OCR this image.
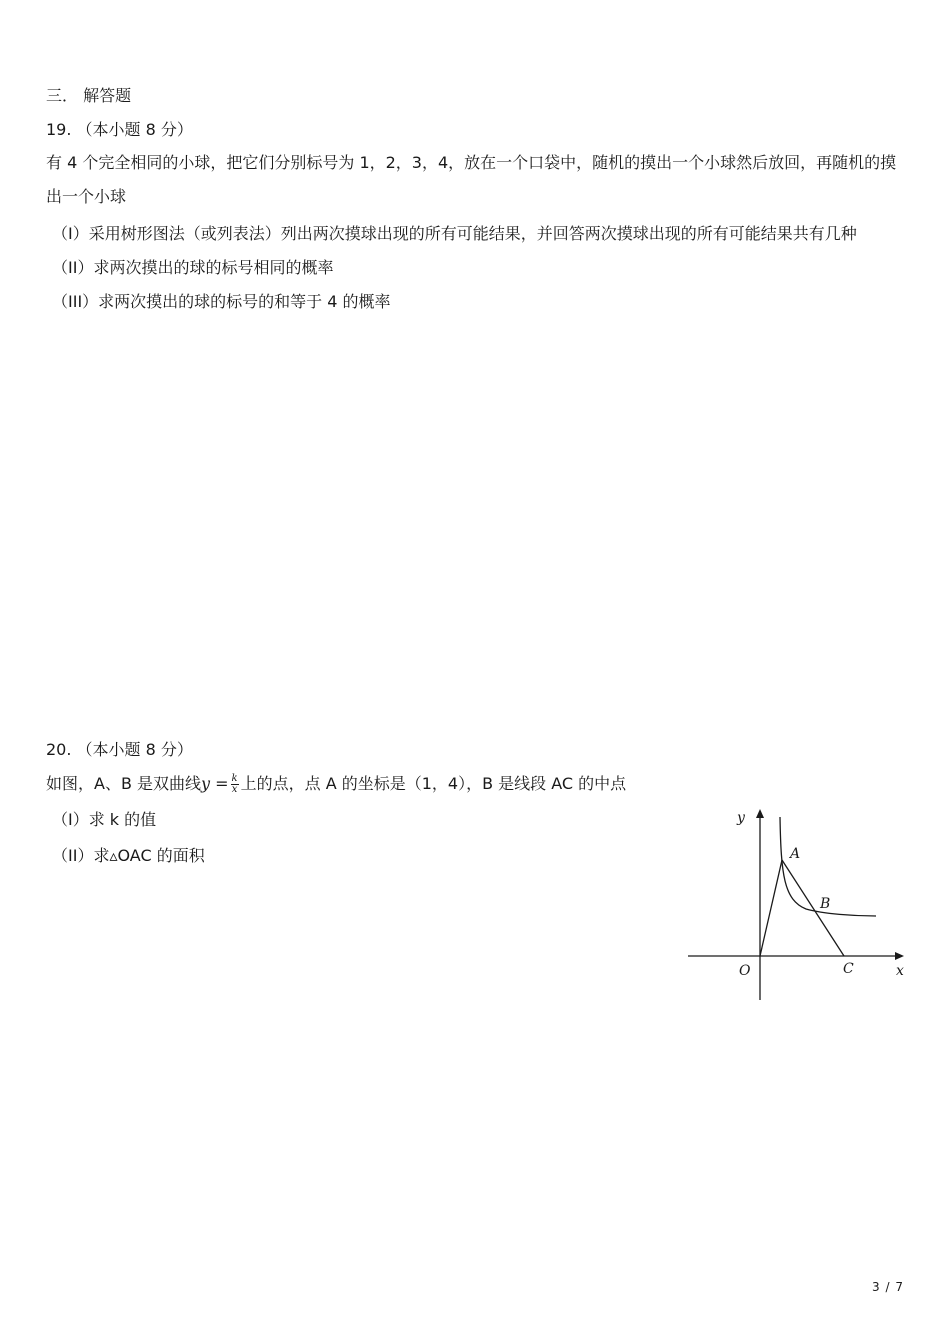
三． 解答题
19. （本小题 8 分）
有 4 个完全相同的小球，把它们分别标号为 1，2，3，4，放在一个口袋中，随机的摸出一个小球然后放回，再随机的摸出一个小球
（I）采用树形图法（或列表法）列出两次摸球出现的所有可能结果，并回答两次摸球出现的所有可能结果共有几种
（II）求两次摸出的球的标号相同的概率
（III）求两次摸出的球的标号的和等于 4 的概率
20. （本小题 8 分）
如图，A、B 是双曲线$y = \frac{k}{x}$ 上的点，点 A 的坐标是（1，4），B 是线段 AC 的中点
（I）求 k 的值
（II）求▵OAC 的面积
y
x
O
A
B
C
3 / 7
